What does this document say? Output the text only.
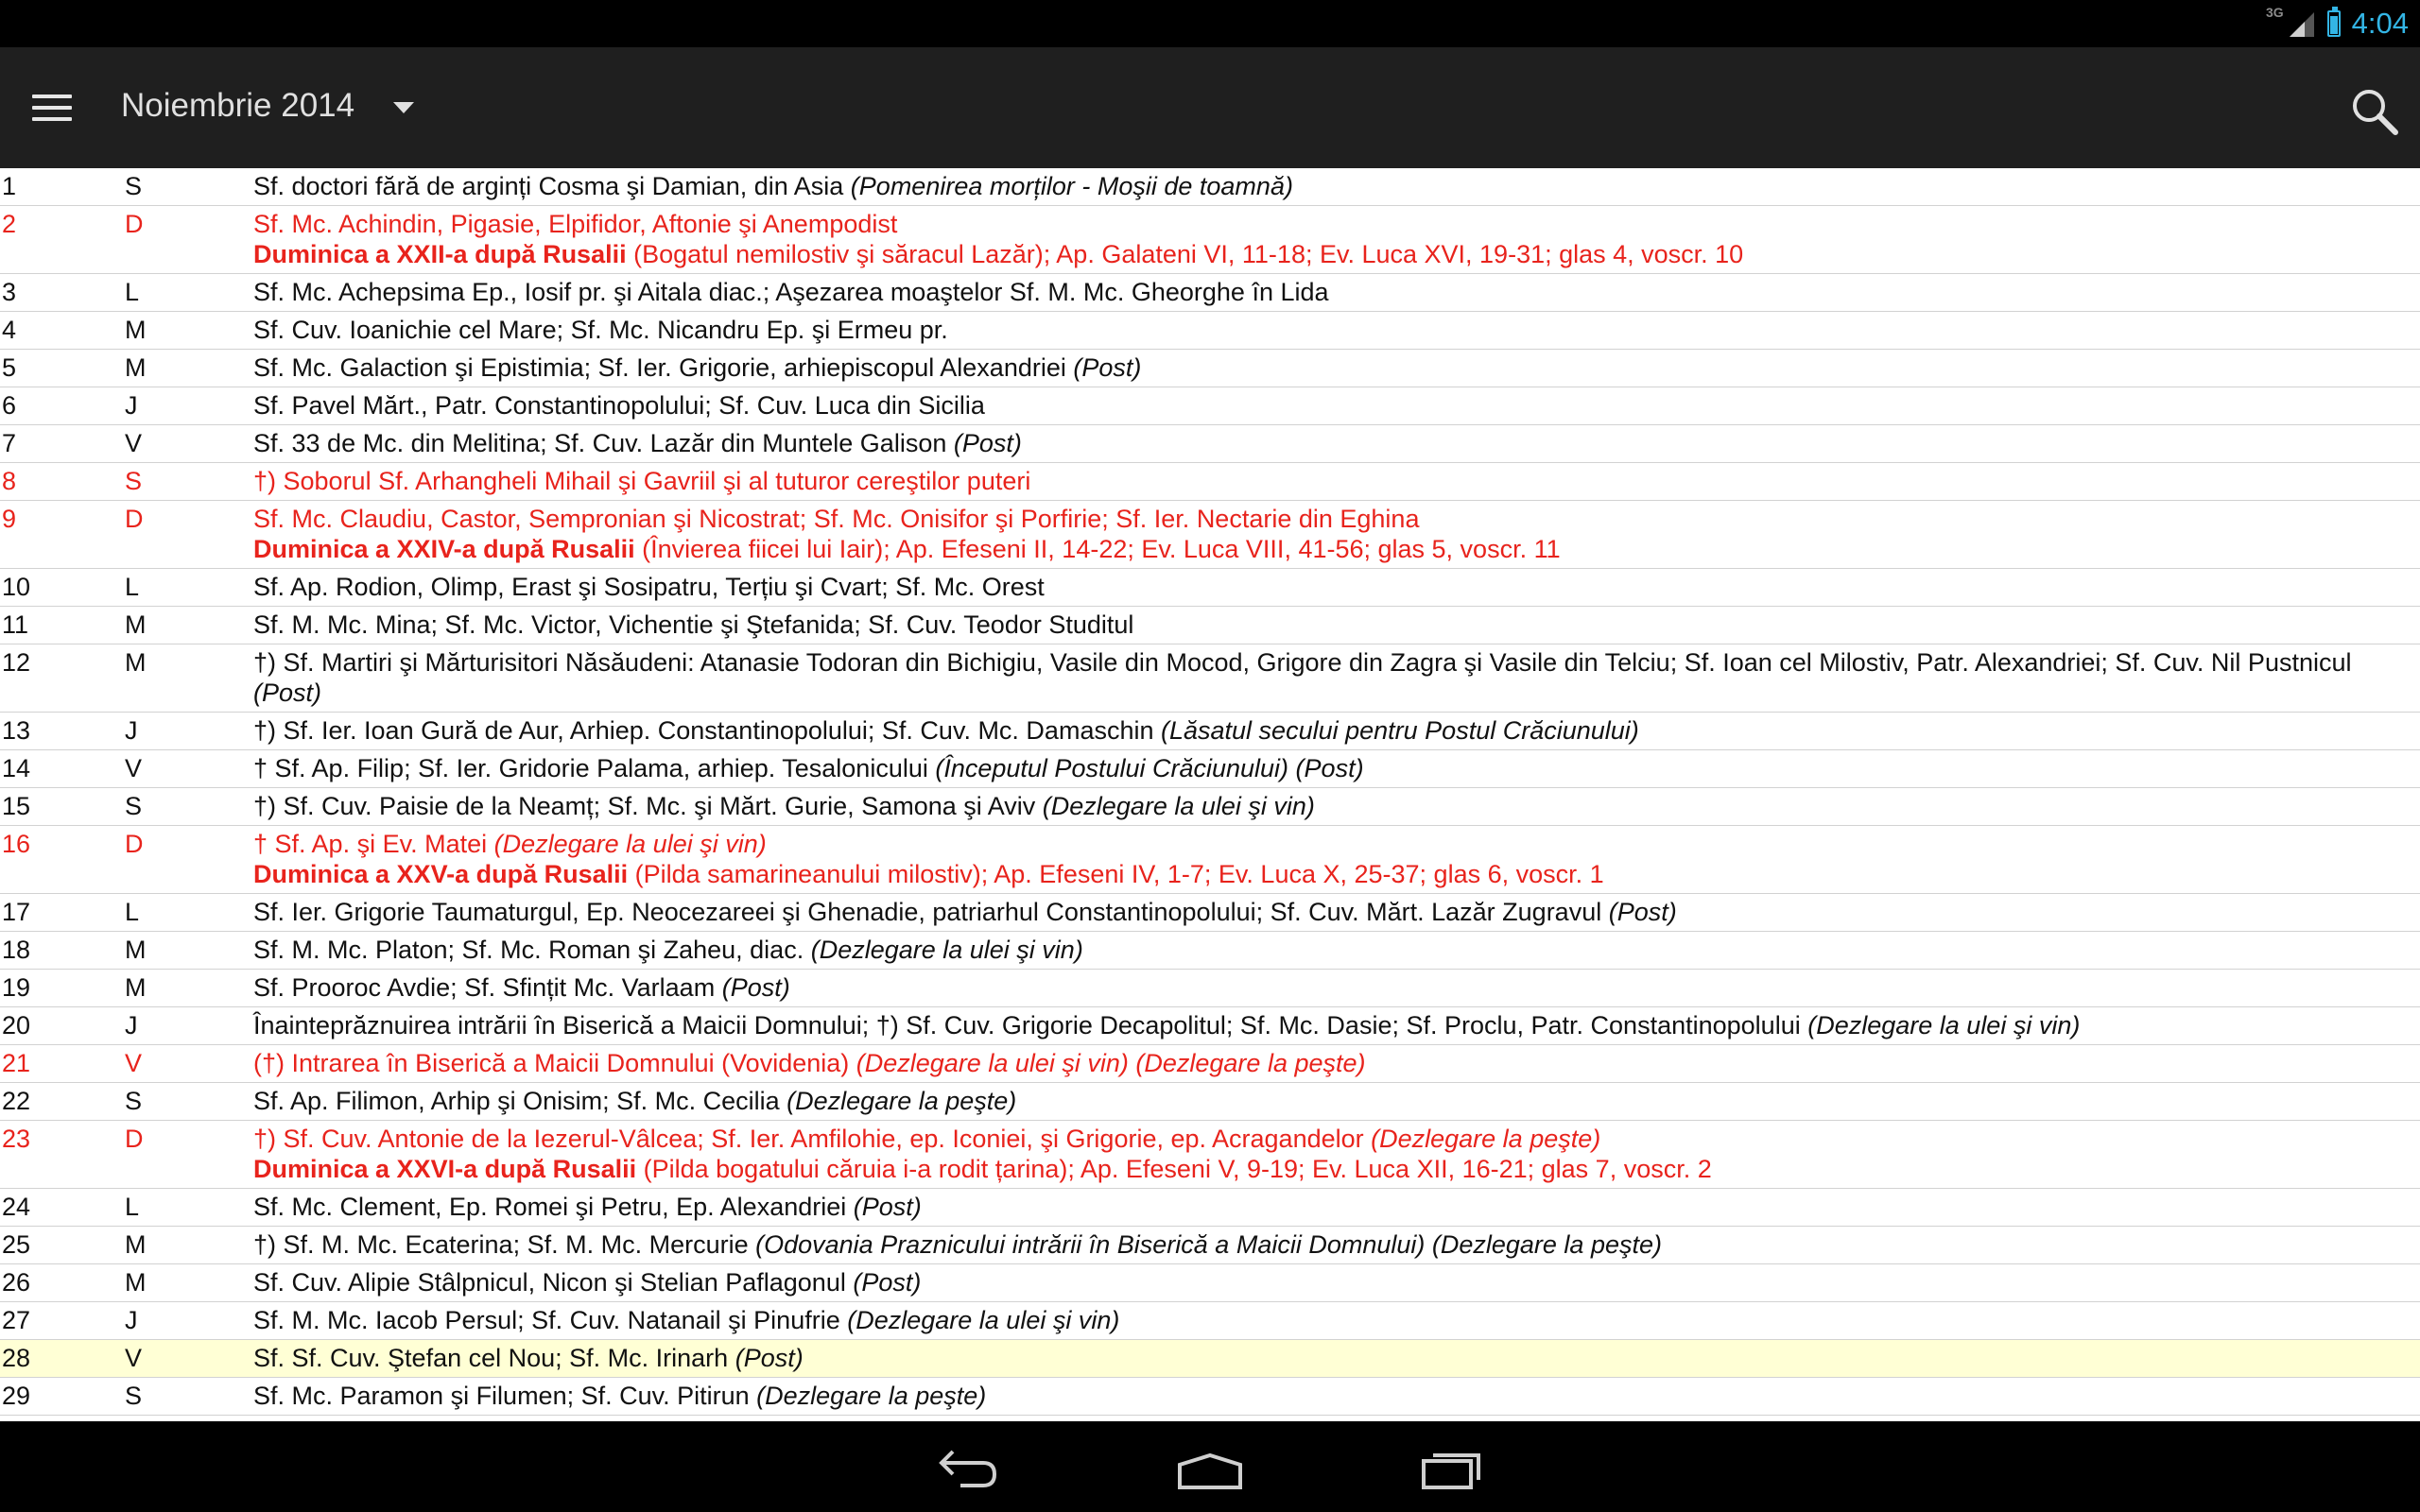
3G 4:04
Noiembrie 2014
1	S	Sf. doctori fără de arginți Cosma şi Damian, din Asia (Pomenirea morților - Moşii de toamnă)
2	D	Sf. Mc. Achindin, Pigasie, Elpifidor, Aftonie şi Anempodist
Duminica a XXII-a după Rusalii (Bogatul nemilostiv şi săracul Lazăr); Ap. Galateni VI, 11-18; Ev. Luca XVI, 19-31; glas 4, voscr. 10
3	L	Sf. Mc. Achepsima Ep., Iosif pr. şi Aitala diac.; Aşezarea moaştelor Sf. M. Mc. Gheorghe în Lida
4	M	Sf. Cuv. Ioanichie cel Mare; Sf. Mc. Nicandru Ep. şi Ermeu pr.
5	M	Sf. Mc. Galaction şi Epistimia; Sf. Ier. Grigorie, arhiepiscopul Alexandriei (Post)
6	J	Sf. Pavel Mărt., Patr. Constantinopolului; Sf. Cuv. Luca din Sicilia
7	V	Sf. 33 de Mc. din Melitina; Sf. Cuv. Lazăr din Muntele Galison (Post)
8	S	†) Soborul Sf. Arhangheli Mihail şi Gavriil şi al tuturor cereştilor puteri
9	D	Sf. Mc. Claudiu, Castor, Sempronian şi Nicostrat; Sf. Mc. Onisifor şi Porfirie; Sf. Ier. Nectarie din Eghina
Duminica a XXIV-a după Rusalii (Învierea fiicei lui Iair); Ap. Efeseni II, 14-22; Ev. Luca VIII, 41-56; glas 5, voscr. 11
10	L	Sf. Ap. Rodion, Olimp, Erast şi Sosipatru, Terțiu şi Cvart; Sf. Mc. Orest
11	M	Sf. M. Mc. Mina; Sf. Mc. Victor, Vichentie şi Ştefanida; Sf. Cuv. Teodor Studitul
12	M	†) Sf. Martiri şi Mărturisitori Năsăudeni: Atanasie Todoran din Bichigiu, Vasile din Mocod, Grigore din Zagra şi Vasile din Telciu; Sf. Ioan cel Milostiv, Patr. Alexandriei; Sf. Cuv. Nil Pustnicul (Post)
13	J	†) Sf. Ier. Ioan Gură de Aur, Arhiep. Constantinopolului; Sf. Cuv. Mc. Damaschin (Lăsatul secului pentru Postul Crăciunului)
14	V	† Sf. Ap. Filip; Sf. Ier. Gridorie Palama, arhiep. Tesalonicului (Începutul Postului Crăciunului) (Post)
15	S	†) Sf. Cuv. Paisie de la Neamț; Sf. Mc. şi Mărt. Gurie, Samona şi Aviv (Dezlegare la ulei şi vin)
16	D	† Sf. Ap. şi Ev. Matei (Dezlegare la ulei şi vin)
Duminica a XXV-a după Rusalii (Pilda samarineanului milostiv); Ap. Efeseni IV, 1-7; Ev. Luca X, 25-37; glas 6, voscr. 1
17	L	Sf. Ier. Grigorie Taumaturgul, Ep. Neocezareei şi Ghenadie, patriarhul Constantinopolului; Sf. Cuv. Mărt. Lazăr Zugravul (Post)
18	M	Sf. M. Mc. Platon; Sf. Mc. Roman şi Zaheu, diac. (Dezlegare la ulei şi vin)
19	M	Sf. Prooroc Avdie; Sf. Sfințit Mc. Varlaam (Post)
20	J	Înainteprăznuirea intrării în Biserică a Maicii Domnului; †) Sf. Cuv. Grigorie Decapolitul; Sf. Mc. Dasie; Sf. Proclu, Patr. Constantinopolului (Dezlegare la ulei şi vin)
21	V	(†) Intrarea în Biserică a Maicii Domnului (Vovidenia) (Dezlegare la ulei şi vin) (Dezlegare la peşte)
22	S	Sf. Ap. Filimon, Arhip şi Onisim; Sf. Mc. Cecilia (Dezlegare la peşte)
23	D	†) Sf. Cuv. Antonie de la Iezerul-Vâlcea; Sf. Ier. Amfilohie, ep. Iconiei, şi Grigorie, ep. Acragandelor (Dezlegare la peşte)
Duminica a XXVI-a după Rusalii (Pilda bogatului căruia i-a rodit țarina); Ap. Efeseni V, 9-19; Ev. Luca XII, 16-21; glas 7, voscr. 2
24	L	Sf. Mc. Clement, Ep. Romei şi Petru, Ep. Alexandriei (Post)
25	M	†) Sf. M. Mc. Ecaterina; Sf. M. Mc. Mercurie (Odovania Praznicului intrării în Biserică a Maicii Domnului) (Dezlegare la peşte)
26	M	Sf. Cuv. Alipie Stâlpnicul, Nicon şi Stelian Paflagonul (Post)
27	J	Sf. M. Mc. Iacob Persul; Sf. Cuv. Natanail şi Pinufrie (Dezlegare la ulei şi vin)
28	V	Sf. Sf. Cuv. Ştefan cel Nou; Sf. Mc. Irinarh (Post)
29	S	Sf. Mc. Paramon şi Filumen; Sf. Cuv. Pitirun (Dezlegare la peşte)
